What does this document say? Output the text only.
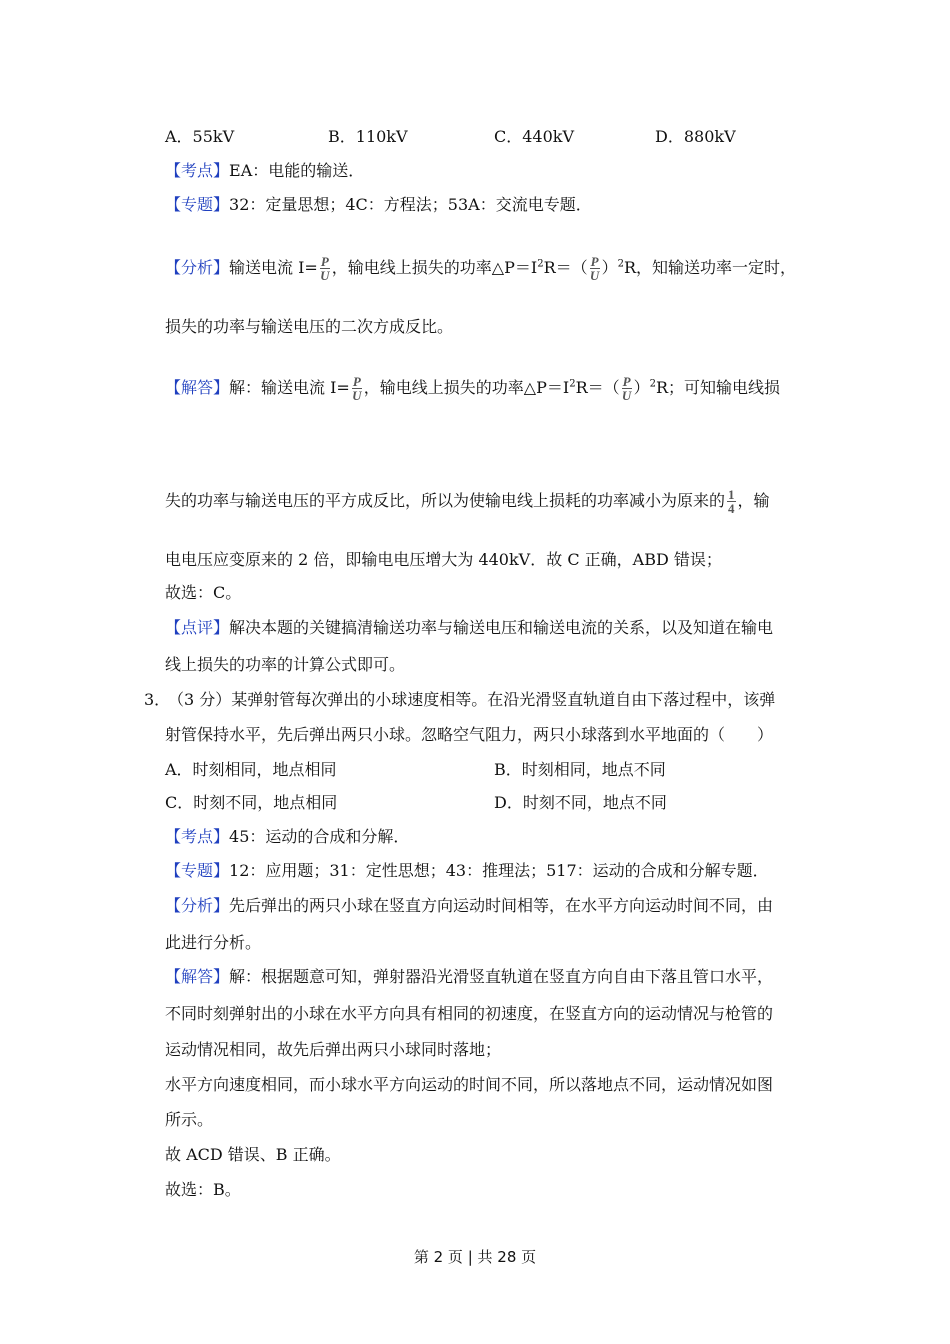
A．55kV	B．110kV	C．440kV	D．880kV
【考点】EA：电能的输送．
【专题】32：定量思想；4C：方程法；53A：交流电专题．
【分析】输送电流 $I= \frac{P}{U}$ ，输电线上损失的功率$\triangle P=I^2R=( \frac{P}{U} )^2R$，知输送功率一定时，
损失的功率与输送电压的二次方成反比。
【解答】解：输送电流 $I= \frac{P}{U}$ ，输电线上损失的功率$\triangle P=I^2R=( \frac{P}{U} )^2R$；可知输电线损
失的功率与输送电压的平方成反比，所以为使输电线上损耗的功率减小为原来的 $\frac{1}{4}$ ，输
电电压应变原来的 2 倍，即输电电压增大为 440kV．故 C 正确，ABD 错误；
故选：C。
【点评】解决本题的关键搞清输送功率与输送电压和输送电流的关系，以及知道在输电
线上损失的功率的计算公式即可。
3．
（3 分）某弹射管每次弹出的小球速度相等。在沿光滑竖直轨道自由下落过程中，该弹
射管保持水平，先后弹出两只小球。忽略空气阻力，两只小球落到水平地面的（　　）
A．时刻相同，地点相同	B．时刻相同，地点不同
C．时刻不同，地点相同	D．时刻不同，地点不同
【考点】45：运动的合成和分解．
【专题】12：应用题；31：定性思想；43：推理法；517：运动的合成和分解专题．
【分析】先后弹出的两只小球在竖直方向运动时间相等，在水平方向运动时间不同，由
此进行分析。
【解答】解：根据题意可知，弹射器沿光滑竖直轨道在竖直方向自由下落且管口水平，
不同时刻弹射出的小球在水平方向具有相同的初速度，在竖直方向的运动情况与枪管的
运动情况相同，故先后弹出两只小球同时落地；
水平方向速度相同，而小球水平方向运动的时间不同，所以落地点不同，运动情况如图
所示。
故 ACD 错误、B 正确。
故选：B。
第 2 页 | 共 28 页
